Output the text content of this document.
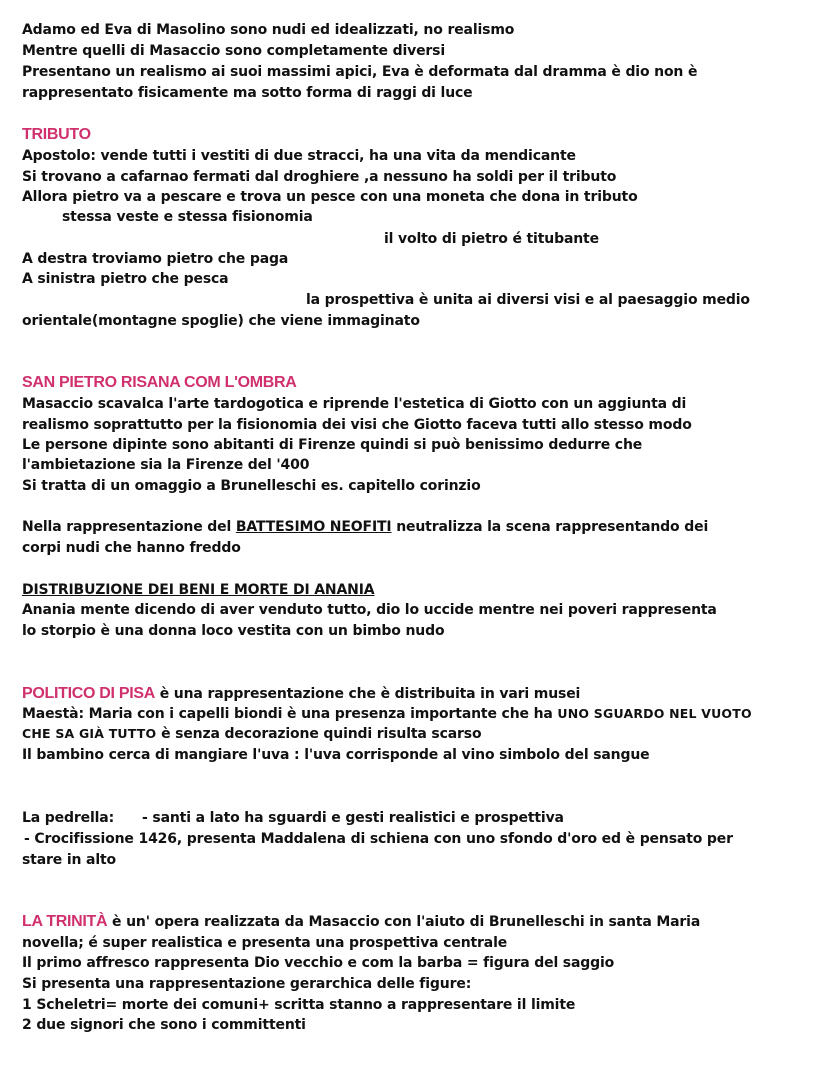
Adamo ed Eva di Masolino sono nudi ed idealizzati, no realismo
Mentre quelli di Masaccio sono completamente diversi
Presentano un realismo ai suoi massimi apici, Eva è deformata dal dramma è dio non è
rappresentato fisicamente ma sotto forma di raggi di luce
TRIBUTO
Apostolo: vende tutti i vestiti di due stracci, ha una vita da mendicante
Si trovano a cafarnao fermati dal droghiere ,a nessuno ha soldi per il tributo
Allora pietro va a pescare e trova un pesce con una moneta che dona in tributo
stessa veste e stessa fisionomia
il volto di pietro é titubante
A destra troviamo pietro che paga
A sinistra pietro che pesca
la prospettiva è unita ai diversi visi e al paesaggio medio
orientale(montagne spoglie) che viene immaginato
SAN PIETRO RISANA COM L'OMBRA
Masaccio scavalca l'arte tardogotica e riprende l'estetica di Giotto con un aggiunta di
realismo soprattutto per la fisionomia dei visi che Giotto faceva tutti allo stesso modo
Le persone dipinte sono abitanti di Firenze quindi si può benissimo dedurre che
l'ambietazione sia la Firenze del '400
Si tratta di un omaggio a Brunelleschi es. capitello corinzio
Nella rappresentazione del BATTESIMO NEOFITI neutralizza la scena rappresentando dei
corpi nudi che hanno freddo
DISTRIBUZIONE DEI BENI E MORTE DI ANANIA
Anania mente dicendo di aver venduto tutto, dio lo uccide mentre nei poveri rappresenta
lo storpio è una donna loco vestita con un bimbo nudo
POLITICO DI PISA è una rappresentazione che è distribuita in vari musei
Maestà: Maria con i capelli biondi è una presenza importante che ha UNO SGUARDO NEL VUOTO
CHE SA GIÀ TUTTO è senza decorazione quindi risulta scarso
Il bambino cerca di mangiare l'uva : l'uva corrisponde al vino simbolo del sangue
La pedrella: - santi a lato ha sguardi e gesti realistici e prospettiva
- Crocifissione 1426, presenta Maddalena di schiena con uno sfondo d'oro ed è pensato per
stare in alto
LA TRINITÀ è un' opera realizzata da Masaccio con l'aiuto di Brunelleschi in santa Maria
novella; é super realistica e presenta una prospettiva centrale
Il primo affresco rappresenta Dio vecchio e com la barba = figura del saggio
Si presenta una rappresentazione gerarchica delle figure:
1 Scheletri= morte dei comuni+ scritta stanno a rappresentare il limite
2 due signori che sono i committenti
